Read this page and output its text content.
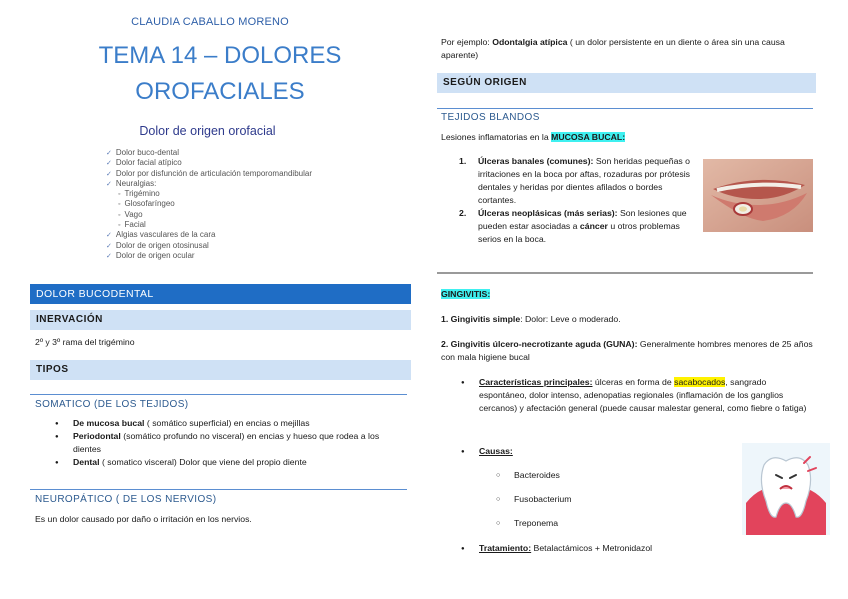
CLAUDIA CABALLO MORENO
TEMA 14 – DOLORES
OROFACIALES
Dolor de origen orofacial
✓ Dolor buco-dental
✓ Dolor facial atípico
✓ Dolor por disfunción de articulación temporomandibular
✓ Neuralgias:
◦ Trigémino
◦ Glosofaríngeo
◦ Vago
◦ Facial
✓ Algias vasculares de la cara
✓ Dolor de origen otosinusal
✓ Dolor de origen ocular
DOLOR BUCODENTAL
INERVACIÓN
2º y 3º rama del trigémino
TIPOS
SOMATICO (DE LOS TEJIDOS)
● De mucosa bucal ( somático superficial) en encias o mejillas
● Periodontal (somático profundo no visceral) en encias y hueso que rodea a los dientes
● Dental ( somatico visceral) Dolor que viene del propio diente
NEUROPÁTICO ( DE LOS NERVIOS)
Es un dolor causado por daño o irritación en los nervios.
Por ejemplo: Odontalgia atípica ( un dolor persistente en un diente o área sin una causa aparente)
SEGÚN ORIGEN
TEJIDOS BLANDOS
Lesiones inflamatorias en la MUCOSA BUCAL:
1. Úlceras banales (comunes): Son heridas pequeñas o irritaciones en la boca por aftas, rozaduras por prótesis dentales y heridas por dientes afilados o bordes cortantes.
2. Úlceras neoplásicas (más serias): Son lesiones que pueden estar asociadas a cáncer u otros problemas serios en la boca.
GINGIVITIS:
1. Gingivitis simple: Dolor: Leve o moderado.
2. Gingivitis úlcero-necrotizante aguda (GUNA): Generalmente hombres menores de 25 años con mala higiene bucal
● Características principales: úlceras en forma de sacabocados, sangrado espontáneo, dolor intenso, adenopatias regionales (inflamación de los ganglios cercanos) y afectación general (puede causar malestar general, como fiebre o fatiga)
● Causas:
○ Bacteroides
○ Fusobacterium
○ Treponema
● Tratamiento: Betalactámicos + Metronidazol
